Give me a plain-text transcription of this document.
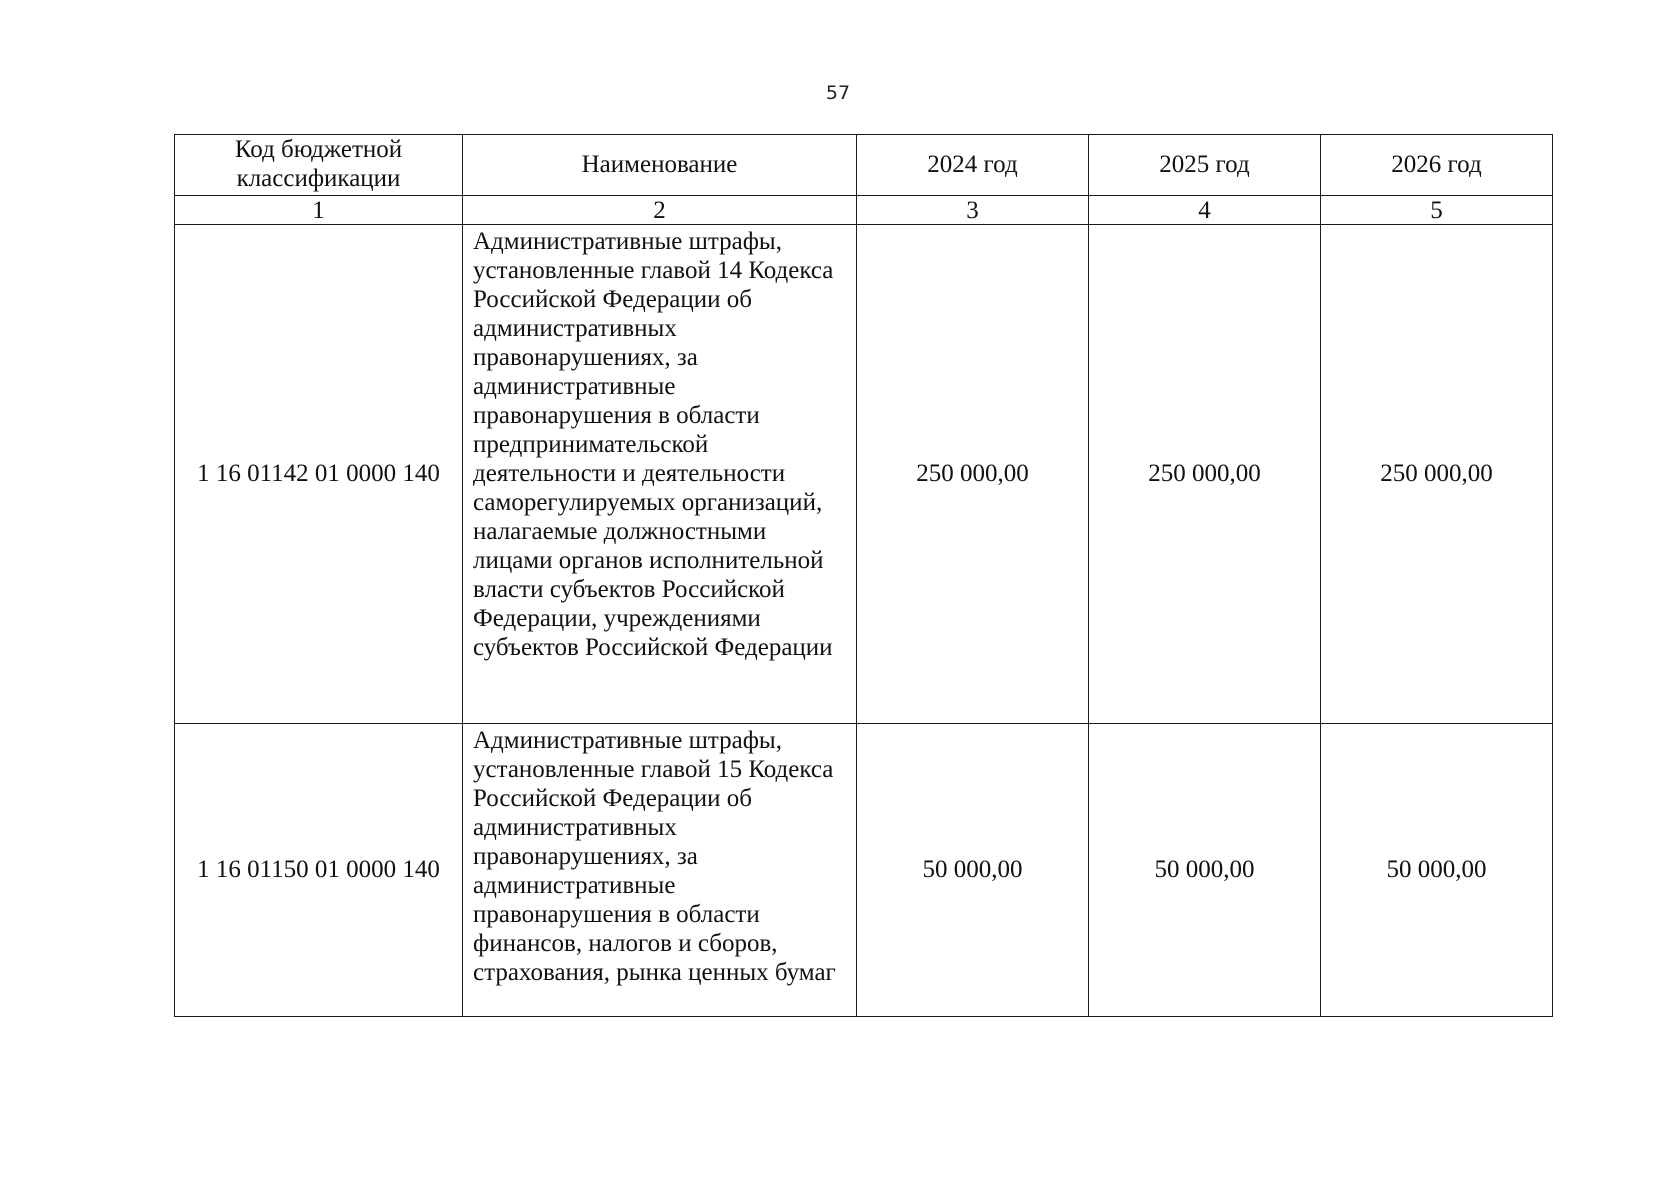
57
Код бюджетной классификации	Наименование	2024 год	2025 год	2026 год
1	2	3	4	5
1 16 01142 01 0000 140	Административные штрафы, установленные главой 14 Кодекса Российской Федерации об административных правонарушениях, за административные правонарушения в области предпринимательской деятельности и деятельности саморегулируемых организаций, налагаемые должностными лицами органов исполнительной власти субъектов Российской Федерации, учреждениями субъектов Российской Федерации	250 000,00	250 000,00	250 000,00
1 16 01150 01 0000 140	Административные штрафы, установленные главой 15 Кодекса Российской Федерации об административных правонарушениях, за административные правонарушения в области финансов, налогов и сборов, страхования, рынка ценных бумаг	50 000,00	50 000,00	50 000,00
